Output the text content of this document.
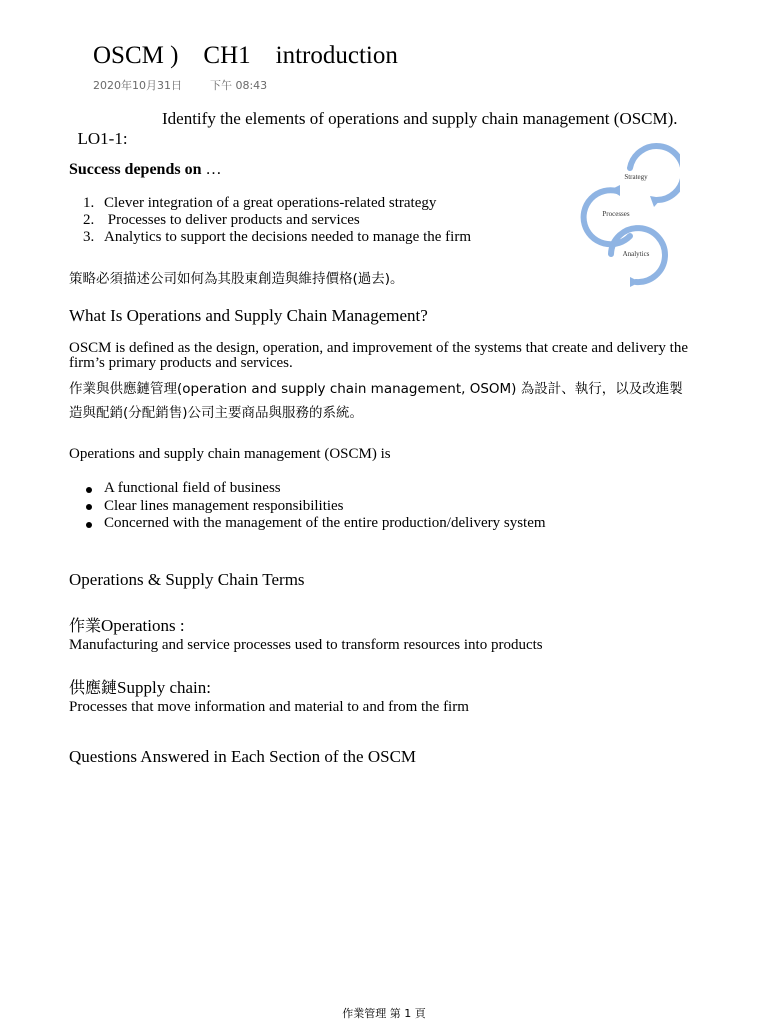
OSCM )    CH1    introduction
2020年10月31日        下午 08:43

LO1-1:

Identify the elements of operations and supply chain management (OSCM).

Success depends on …
1. Clever integration of a great operations-related strategy
2. Processes to deliver products and services
3. Analytics to support the decisions needed to manage the firm
策略必須描述公司如何為其股東創造與維持價格(過去)。
Strategy
Processes
Analytics
What Is Operations and Supply Chain Management?
OSCM is defined as the design, operation, and improvement of the systems that create and delivery the
firm’s primary products and services.
作業與供應鏈管理(operation and supply chain management, OSOM) 為設計、執行，以及改進製
造與配銷(分配銷售)公司主要商品與服務的系統。
Operations and supply chain management (OSCM) is
A functional field of business
Clear lines management responsibilities
Concerned with the management of the entire production/delivery system
Operations & Supply Chain Terms
作業Operations :
Manufacturing and service processes used to transform resources into products
供應鏈Supply chain:
Processes that move information and material to and from the firm
Questions Answered in Each Section of the OSCM
作業管理 第 1 頁
